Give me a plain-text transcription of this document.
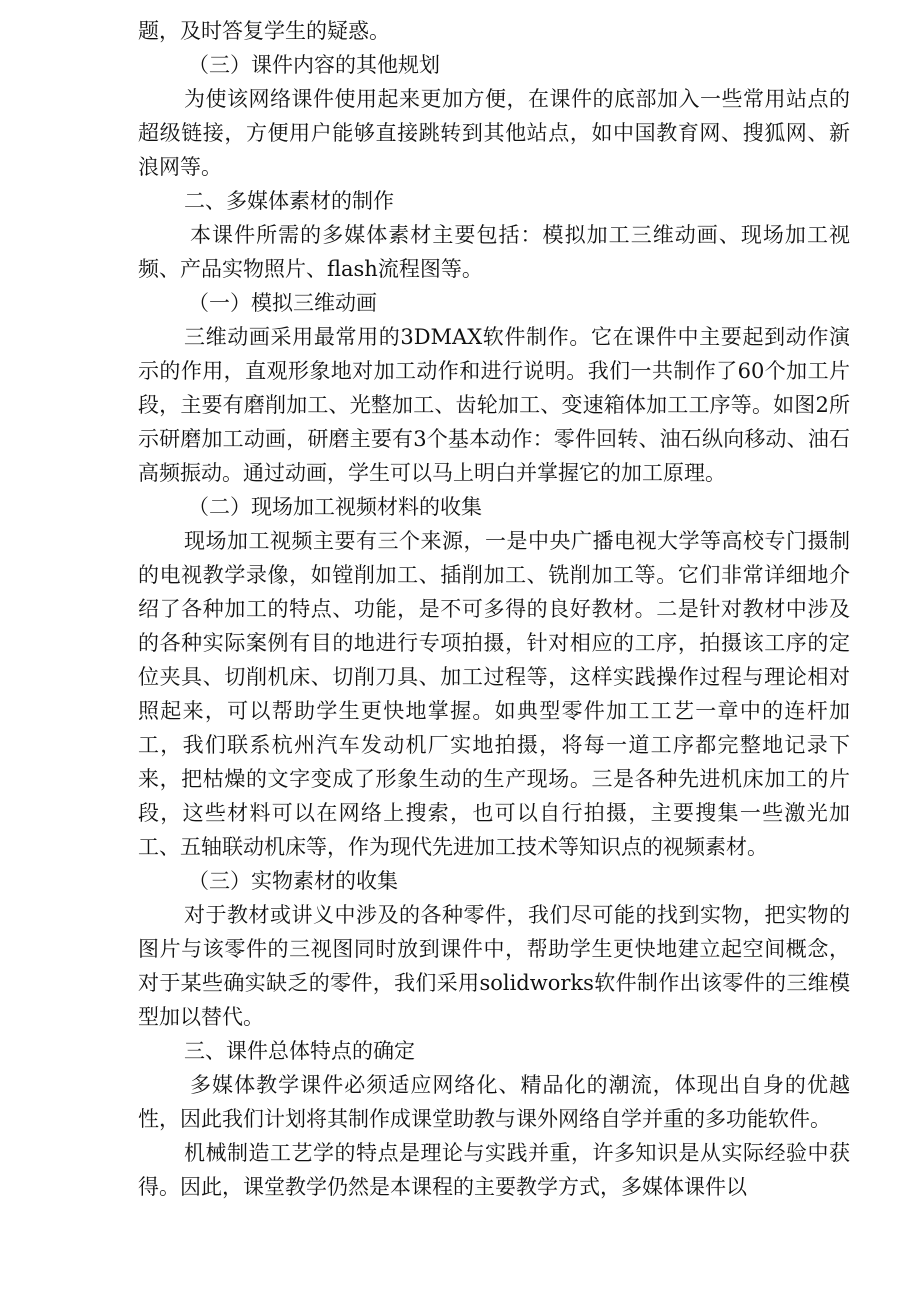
题，及时答复学生的疑惑。

（三）课件内容的其他规划

为使该网络课件使用起来更加方便，在课件的底部加入一些常用站点的超级链接，方便用户能够直接跳转到其他站点，如中国教育网、搜狐网、新浪网等。

二、多媒体素材的制作

本课件所需的多媒体素材主要包括：模拟加工三维动画、现场加工视频、产品实物照片、flash流程图等。

（一）模拟三维动画

三维动画采用最常用的3DMAX软件制作。它在课件中主要起到动作演示的作用，直观形象地对加工动作和进行说明。我们一共制作了60个加工片段，主要有磨削加工、光整加工、齿轮加工、变速箱体加工工序等。如图2所示研磨加工动画，研磨主要有3个基本动作：零件回转、油石纵向移动、油石高频振动。通过动画，学生可以马上明白并掌握它的加工原理。

（二）现场加工视频材料的收集

现场加工视频主要有三个来源，一是中央广播电视大学等高校专门摄制的电视教学录像，如镗削加工、插削加工、铣削加工等。它们非常详细地介绍了各种加工的特点、功能，是不可多得的良好教材。二是针对教材中涉及的各种实际案例有目的地进行专项拍摄，针对相应的工序，拍摄该工序的定位夹具、切削机床、切削刀具、加工过程等，这样实践操作过程与理论相对照起来，可以帮助学生更快地掌握。如典型零件加工工艺一章中的连杆加工，我们联系杭州汽车发动机厂实地拍摄，将每一道工序都完整地记录下来，把枯燥的文字变成了形象生动的生产现场。三是各种先进机床加工的片段，这些材料可以在网络上搜索，也可以自行拍摄，主要搜集一些激光加工、五轴联动机床等，作为现代先进加工技术等知识点的视频素材。

（三）实物素材的收集

对于教材或讲义中涉及的各种零件，我们尽可能的找到实物，把实物的图片与该零件的三视图同时放到课件中，帮助学生更快地建立起空间概念，对于某些确实缺乏的零件，我们采用solidworks软件制作出该零件的三维模型加以替代。

三、课件总体特点的确定

多媒体教学课件必须适应网络化、精品化的潮流，体现出自身的优越性，因此我们计划将其制作成课堂助教与课外网络自学并重的多功能软件。

机械制造工艺学的特点是理论与实践并重，许多知识是从实际经验中获得。因此，课堂教学仍然是本课程的主要教学方式，多媒体课件以
